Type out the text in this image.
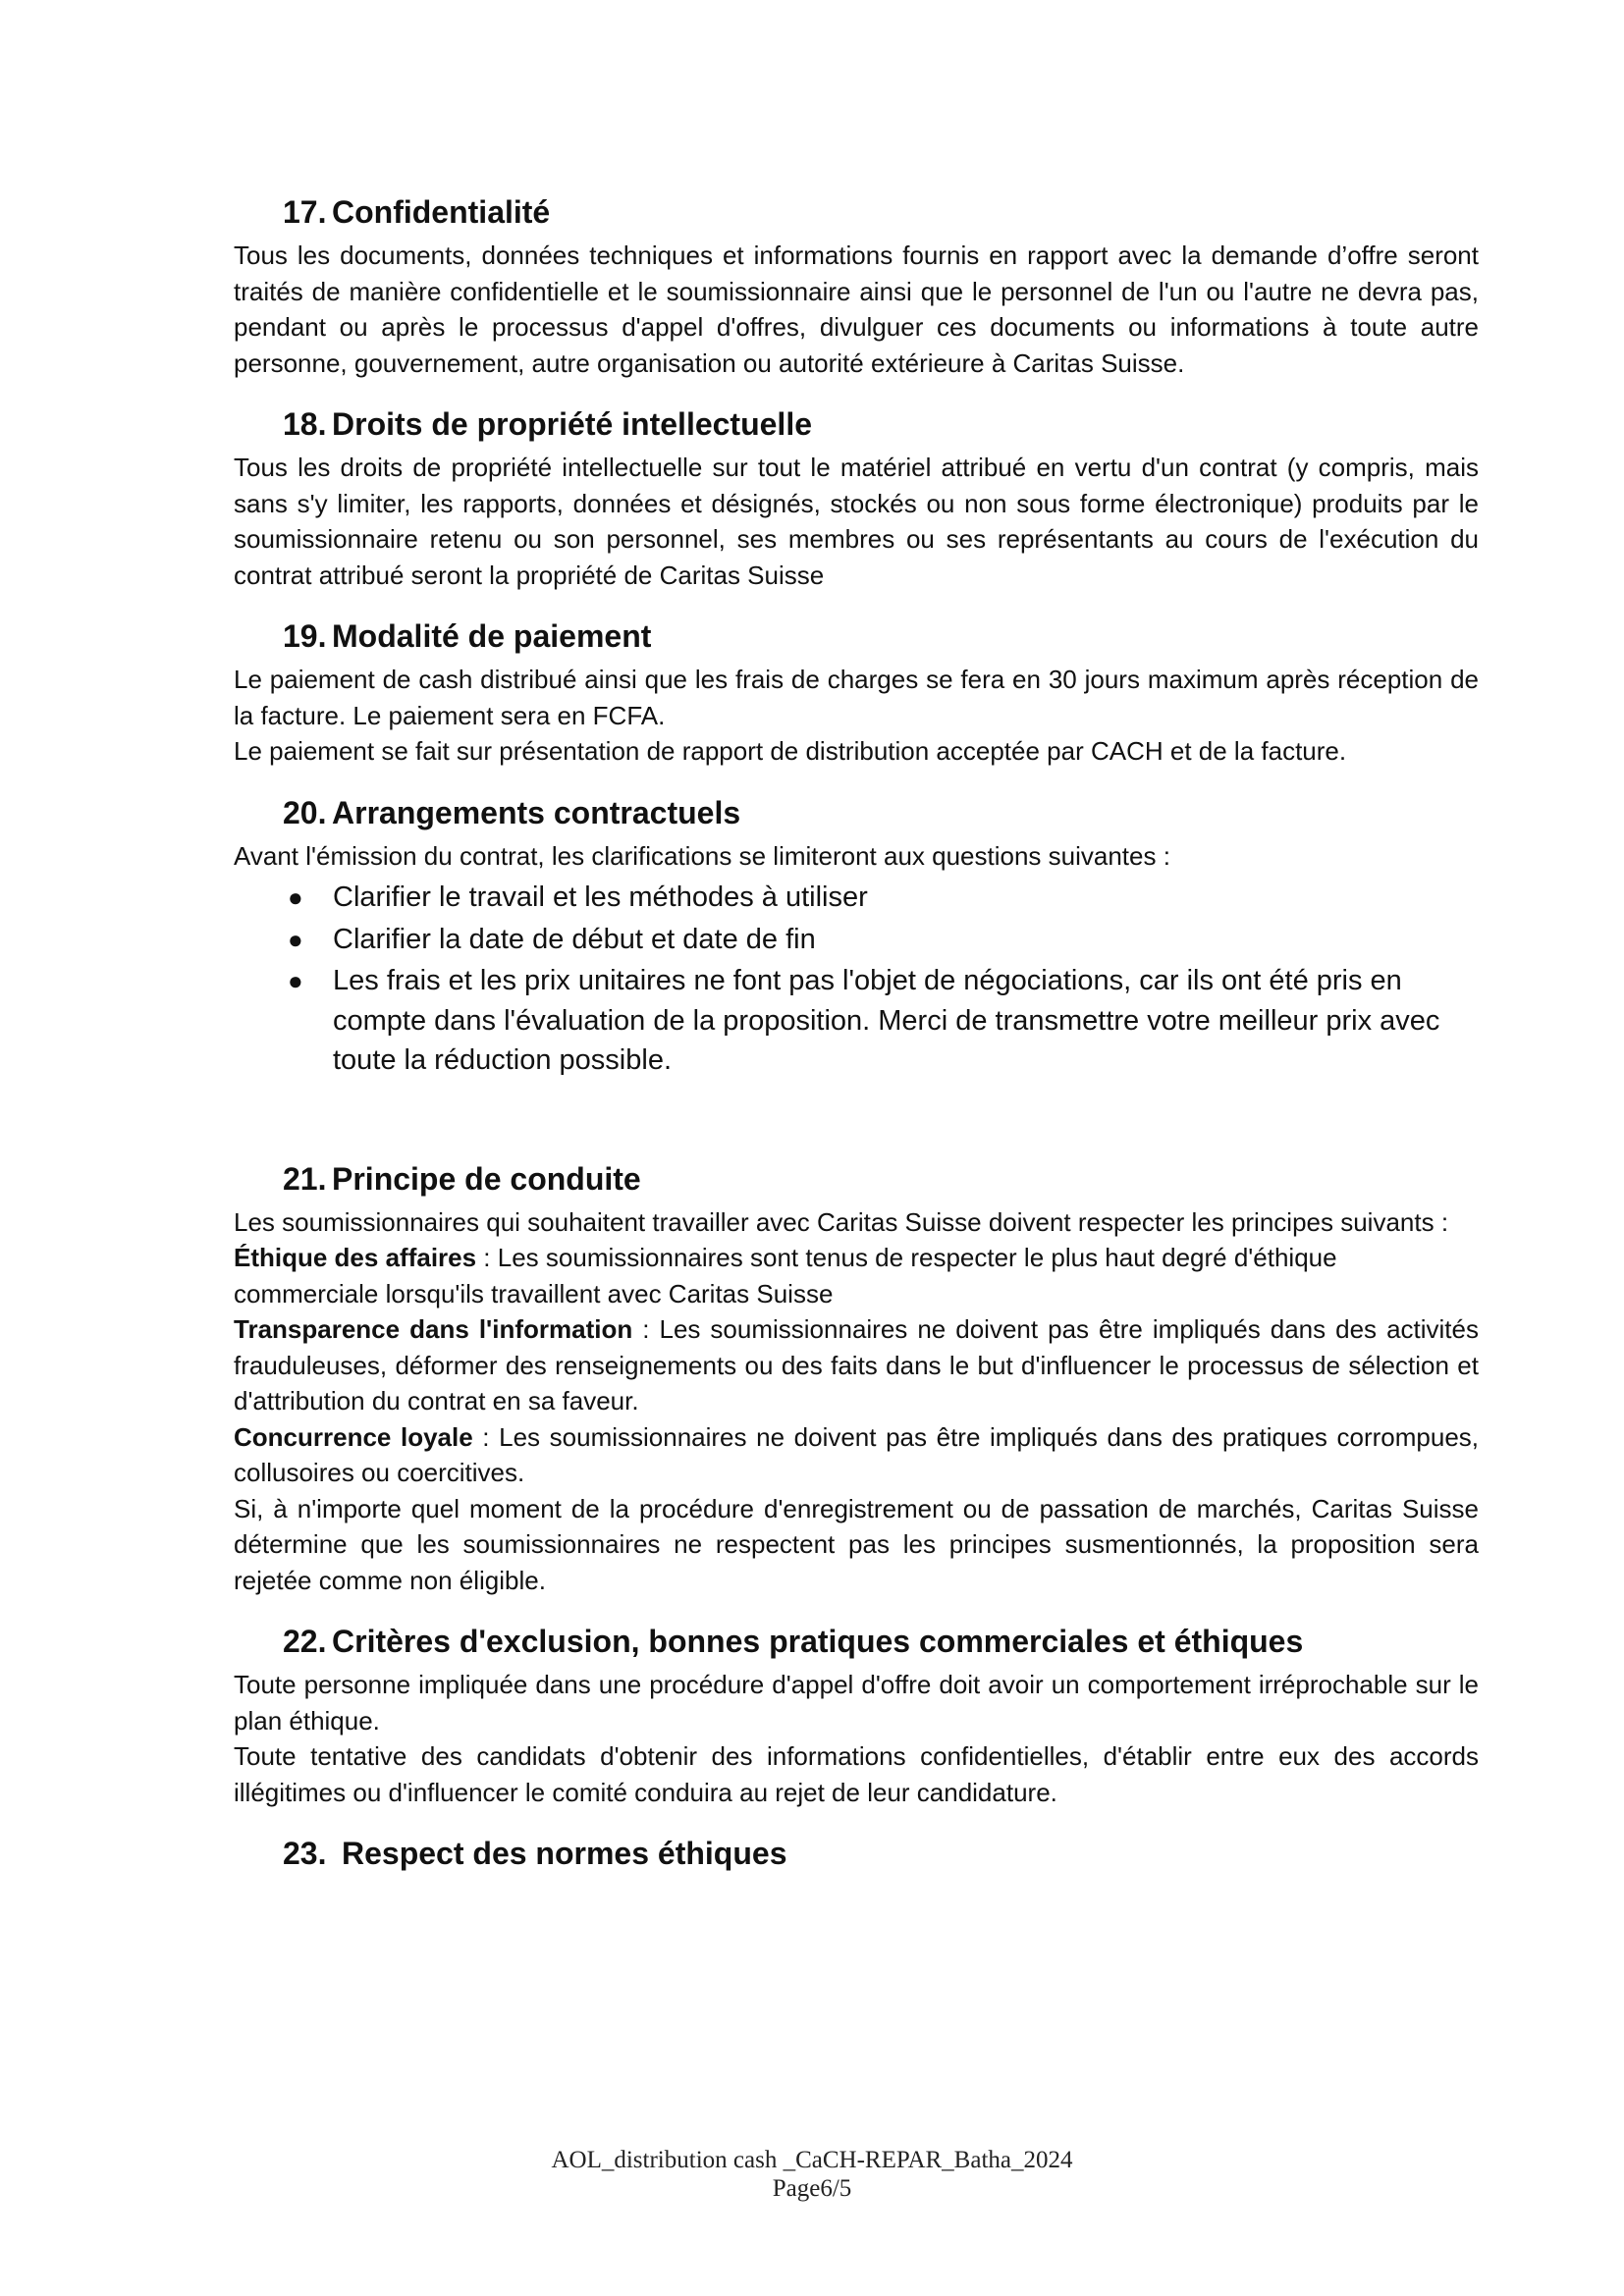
17. Confidentialité

Tous les documents, données techniques et informations fournis en rapport avec la demande d’offre seront traités de manière confidentielle et le soumissionnaire ainsi que le personnel de l'un ou l'autre ne devra pas, pendant ou après le processus d'appel d'offres, divulguer ces documents ou informations à toute autre personne, gouvernement, autre organisation ou autorité extérieure à Caritas Suisse.

18. Droits de propriété intellectuelle

Tous les droits de propriété intellectuelle sur tout le matériel attribué en vertu d'un contrat (y compris, mais sans s'y limiter, les rapports, données et désignés, stockés ou non sous forme électronique) produits par le soumissionnaire retenu ou son personnel, ses membres ou ses représentants au cours de l'exécution du contrat attribué seront la propriété de Caritas Suisse

19. Modalité de paiement

Le paiement de cash distribué ainsi que les frais de charges se fera en 30 jours maximum après réception de la facture. Le paiement sera en FCFA.

Le paiement se fait sur présentation de rapport de distribution acceptée par CACH et de la facture.

20. Arrangements contractuels

Avant l'émission du contrat, les clarifications se limiteront aux questions suivantes :

● Clarifier le travail et les méthodes à utiliser
● Clarifier la date de début et date de fin
● Les frais et les prix unitaires ne font pas l'objet de négociations, car ils ont été pris en compte dans l'évaluation de la proposition. Merci de transmettre votre meilleur prix avec toute la réduction possible.
21. Principe de conduite

Les soumissionnaires qui souhaitent travailler avec Caritas Suisse doivent respecter les principes suivants :

Éthique des affaires : Les soumissionnaires sont tenus de respecter le plus haut degré d'éthique commerciale lorsqu'ils travaillent avec Caritas Suisse

Transparence dans l'information : Les soumissionnaires ne doivent pas être impliqués dans des activités frauduleuses, déformer des renseignements ou des faits dans le but d'influencer le processus de sélection et d'attribution du contrat en sa faveur.

Concurrence loyale : Les soumissionnaires ne doivent pas être impliqués dans des pratiques corrompues, collusoires ou coercitives.

Si, à n'importe quel moment de la procédure d'enregistrement ou de passation de marchés, Caritas Suisse détermine que les soumissionnaires ne respectent pas les principes susmentionnés, la proposition sera rejetée comme non éligible.

22. Critères d'exclusion, bonnes pratiques commerciales et éthiques

Toute personne impliquée dans une procédure d'appel d'offre doit avoir un comportement irréprochable sur le plan éthique.

Toute tentative des candidats d'obtenir des informations confidentielles, d'établir entre eux des accords illégitimes ou d'influencer le comité conduira au rejet de leur candidature.

23. Respect des normes éthiques
AOL_distribution cash _CaCH-REPAR_Batha_2024
Page6/5
